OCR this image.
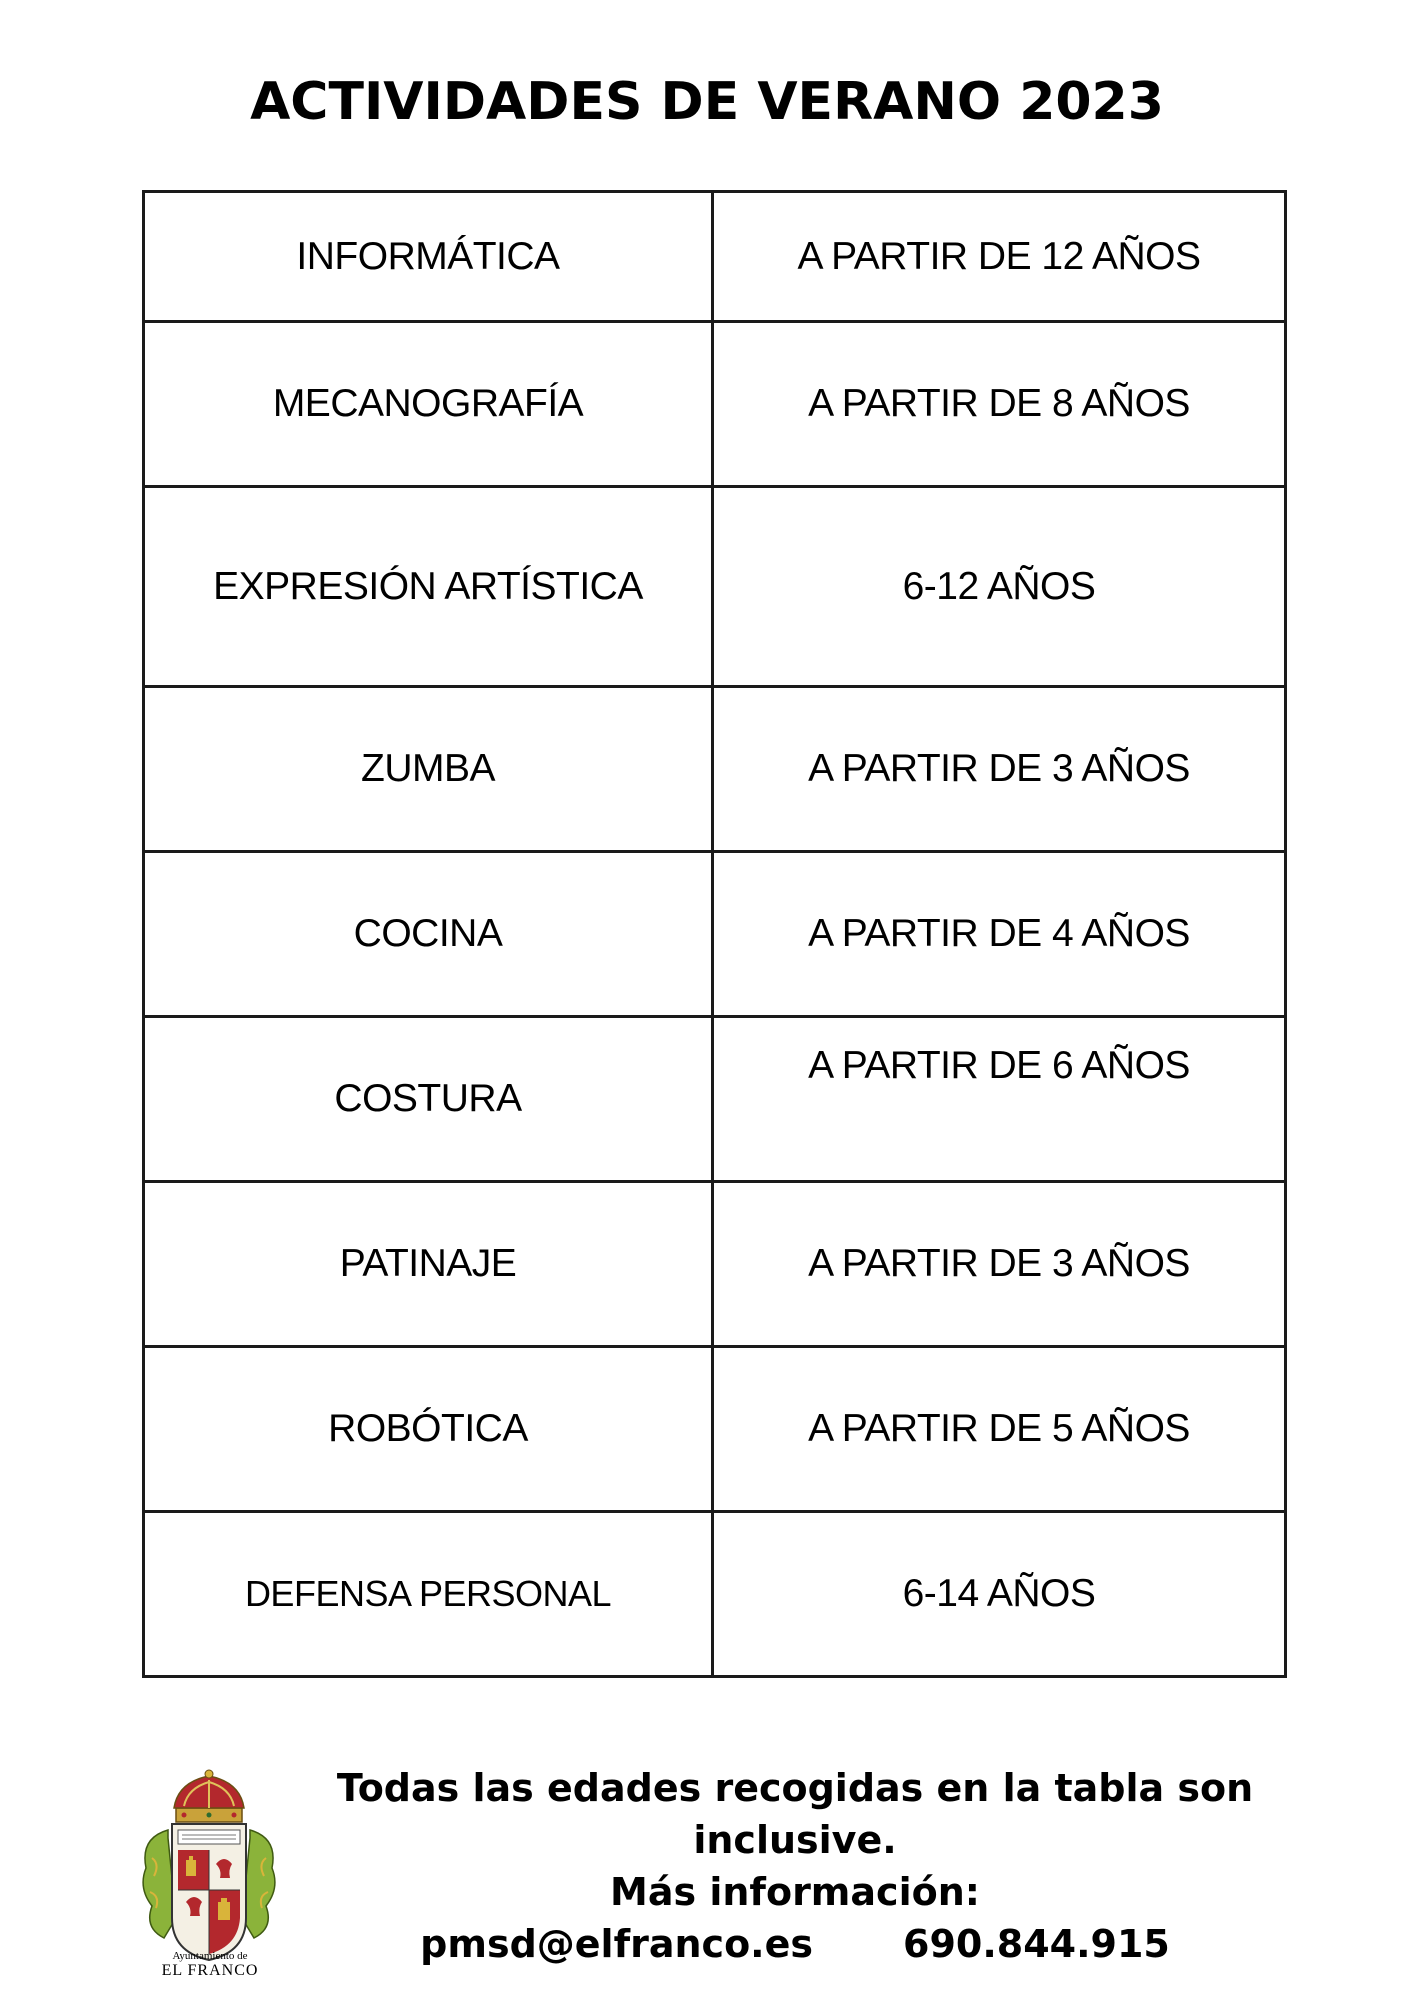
ACTIVIDADES DE VERANO 2023
INFORMÁTICA	A PARTIR DE 12 AÑOS
MECANOGRAFÍA	A PARTIR DE 8 AÑOS
EXPRESIÓN ARTÍSTICA	6-12 AÑOS
ZUMBA	A PARTIR DE 3 AÑOS
COCINA	A PARTIR DE 4 AÑOS
COSTURA	A PARTIR DE 6 AÑOS
PATINAJE	A PARTIR DE 3 AÑOS
ROBÓTICA	A PARTIR DE 5 AÑOS
DEFENSA PERSONAL	6-14 AÑOS
Ayuntamiento de
EL FRANCO
Todas las edades recogidas en la tabla son
inclusive.
Más información:
pmsd@elfranco.es 690.844.915
